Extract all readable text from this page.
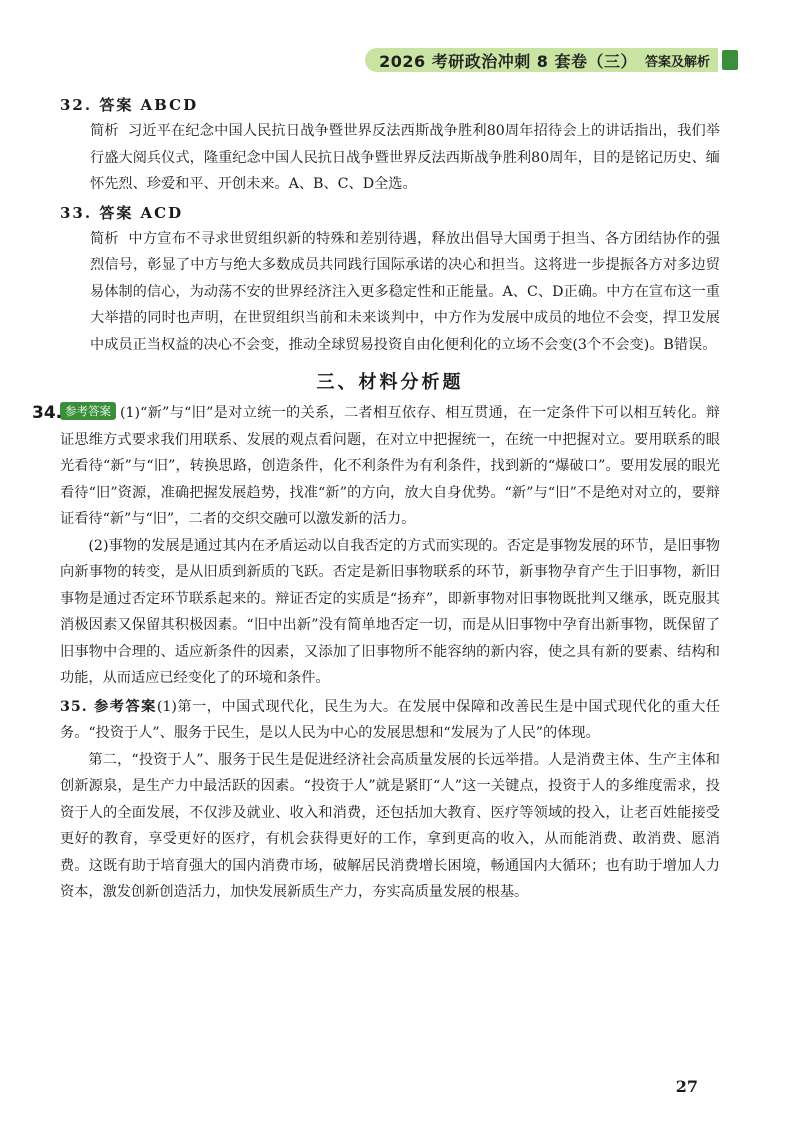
2026 考研政治冲刺 8 套卷（三） 答案及解析
32. 答案 ABCD
简析 习近平在纪念中国人民抗日战争暨世界反法西斯战争胜利80周年招待会上的讲话指出，我们举行盛大阅兵仪式，隆重纪念中国人民抗日战争暨世界反法西斯战争胜利80周年，目的是铭记历史、缅怀先烈、珍爱和平、开创未来。A、B、C、D全选。
33. 答案 ACD
简析 中方宣布不寻求世贸组织新的特殊和差别待遇，释放出倡导大国勇于担当、各方团结协作的强烈信号，彰显了中方与绝大多数成员共同践行国际承诺的决心和担当。这将进一步提振各方对多边贸易体制的信心，为动荡不安的世界经济注入更多稳定性和正能量。A、C、D正确。中方在宣布这一重大举措的同时也声明，在世贸组织当前和未来谈判中，中方作为发展中成员的地位不会变，捍卫发展中成员正当权益的决心不会变，推动全球贸易投资自由化便利化的立场不会变(3个不会变)。B错误。
三、材料分析题
34. 参考答案 (1)“新”与“旧”是对立统一的关系，二者相互依存、相互贯通，在一定条件下可以相互转化。辩证思维方式要求我们用联系、发展的观点看问题，在对立中把握统一，在统一中把握对立。要用联系的眼光看待“新”与“旧”，转换思路，创造条件，化不利条件为有利条件，找到新的“爆破口”。要用发展的眼光看待“旧”资源，准确把握发展趋势，找准“新”的方向，放大自身优势。“新”与“旧”不是绝对对立的，要辩证看待“新”与“旧”，二者的交织交融可以激发新的活力。
(2)事物的发展是通过其内在矛盾运动以自我否定的方式而实现的。否定是事物发展的环节，是旧事物向新事物的转变，是从旧质到新质的飞跃。否定是新旧事物联系的环节，新事物孕育产生于旧事物，新旧事物是通过否定环节联系起来的。辩证否定的实质是“扬弃”，即新事物对旧事物既批判又继承，既克服其消极因素又保留其积极因素。“旧中出新”没有简单地否定一切，而是从旧事物中孕育出新事物，既保留了旧事物中合理的、适应新条件的因素，又添加了旧事物所不能容纳的新内容，使之具有新的要素、结构和功能，从而适应已经变化了的环境和条件。
35. 参考答案(1)第一，中国式现代化，民生为大。在发展中保障和改善民生是中国式现代化的重大任务。“投资于人”、服务于民生，是以人民为中心的发展思想和“发展为了人民”的体现。
第二，“投资于人”、服务于民生是促进经济社会高质量发展的长远举措。人是消费主体、生产主体和创新源泉，是生产力中最活跃的因素。“投资于人”就是紧盯“人”这一关键点，投资于人的多维度需求，投资于人的全面发展，不仅涉及就业、收入和消费，还包括加大教育、医疗等领域的投入，让老百姓能接受更好的教育，享受更好的医疗，有机会获得更好的工作，拿到更高的收入，从而能消费、敢消费、愿消费。这既有助于培育强大的国内消费市场，破解居民消费增长困境，畅通国内大循环；也有助于增加人力资本，激发创新创造活力，加快发展新质生产力，夯实高质量发展的根基。
27
